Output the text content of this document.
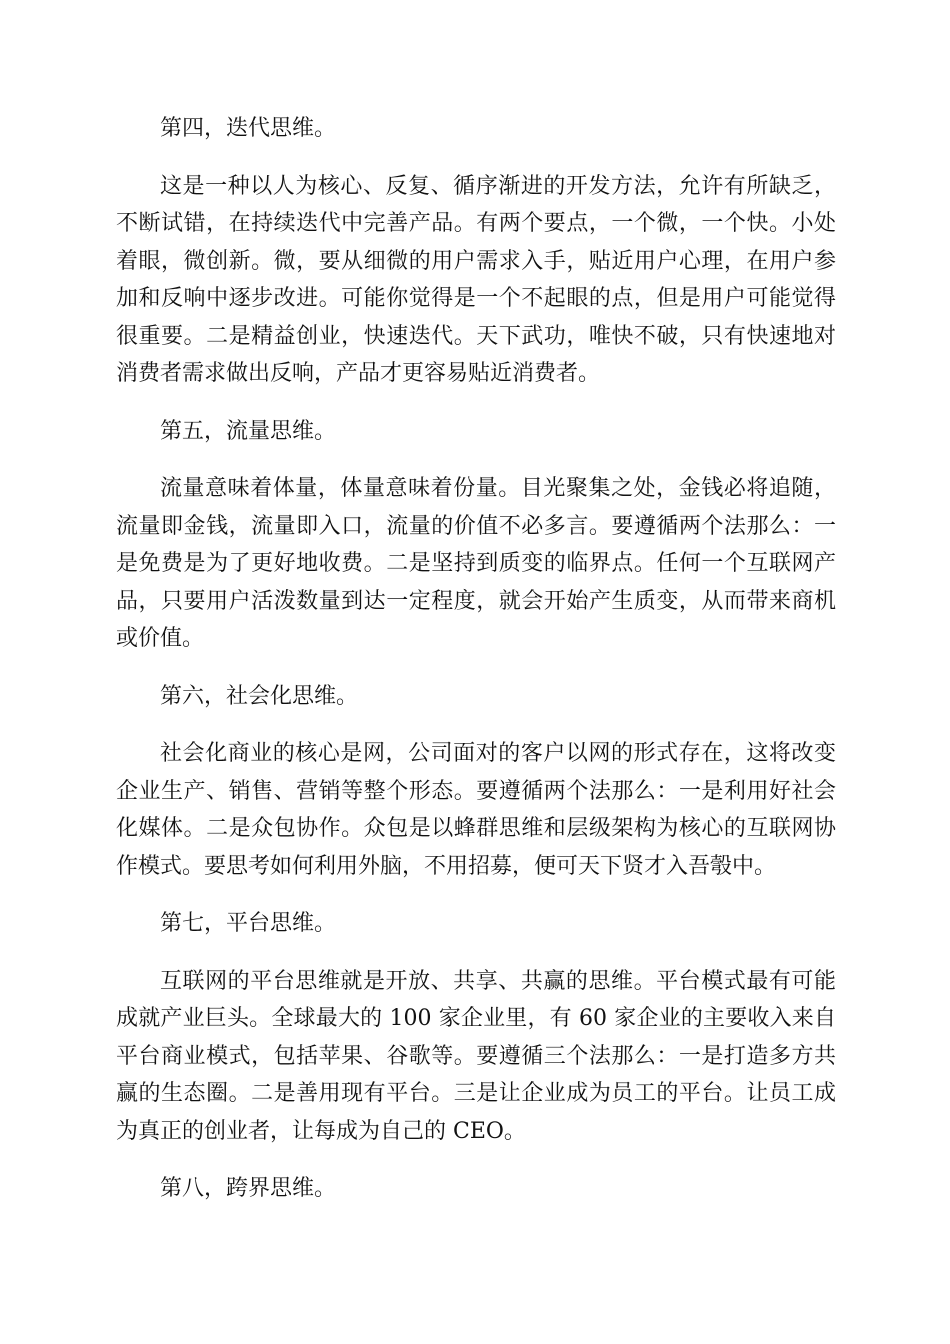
第四，迭代思维。

这是一种以人为核心、反复、循序渐进的开发方法，允许有所缺乏，
不断试错，在持续迭代中完善产品。有两个要点，一个微，一个快。小处
着眼，微创新。微，要从细微的用户需求入手，贴近用户心理，在用户参
加和反响中逐步改进。可能你觉得是一个不起眼的点，但是用户可能觉得
很重要。二是精益创业，快速迭代。天下武功，唯快不破，只有快速地对
消费者需求做出反响，产品才更容易贴近消费者。

第五，流量思维。

流量意味着体量，体量意味着份量。目光聚集之处，金钱必将追随，
流量即金钱，流量即入口，流量的价值不必多言。要遵循两个法那么：一
是免费是为了更好地收费。二是坚持到质变的临界点。任何一个互联网产
品，只要用户活泼数量到达一定程度，就会开始产生质变，从而带来商机
或价值。

第六，社会化思维。

社会化商业的核心是网，公司面对的客户以网的形式存在，这将改变
企业生产、销售、营销等整个形态。要遵循两个法那么：一是利用好社会
化媒体。二是众包协作。众包是以蜂群思维和层级架构为核心的互联网协
作模式。要思考如何利用外脑，不用招募，便可天下贤才入吾彀中。

第七，平台思维。

互联网的平台思维就是开放、共享、共赢的思维。平台模式最有可能
成就产业巨头。全球最大的 100 家企业里，有 60 家企业的主要收入来自
平台商业模式，包括苹果、谷歌等。要遵循三个法那么：一是打造多方共
赢的生态圈。二是善用现有平台。三是让企业成为员工的平台。让员工成
为真正的创业者，让每成为自己的 CEO。

第八，跨界思维。
